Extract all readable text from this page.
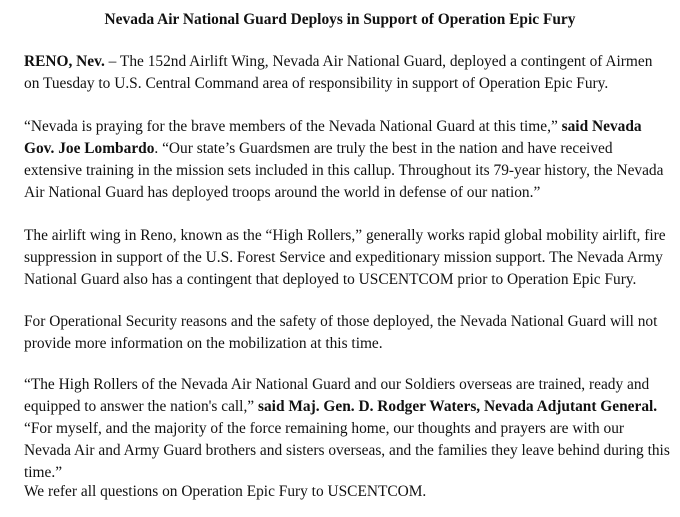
Nevada Air National Guard Deploys in Support of Operation Epic Fury

RENO, Nev. – The 152nd Airlift Wing, Nevada Air National Guard, deployed a contingent of Airmen on Tuesday to U.S. Central Command area of responsibility in support of Operation Epic Fury.

“Nevada is praying for the brave members of the Nevada National Guard at this time,” said Nevada Gov. Joe Lombardo. “Our state’s Guardsmen are truly the best in the nation and have received extensive training in the mission sets included in this callup. Throughout its 79-year history, the Nevada Air National Guard has deployed troops around the world in defense of our nation.”

The airlift wing in Reno, known as the “High Rollers,” generally works rapid global mobility airlift, fire suppression in support of the U.S. Forest Service and expeditionary mission support. The Nevada Army National Guard also has a contingent that deployed to USCENTCOM prior to Operation Epic Fury.

For Operational Security reasons and the safety of those deployed, the Nevada National Guard will not provide more information on the mobilization at this time.

“The High Rollers of the Nevada Air National Guard and our Soldiers overseas are trained, ready and equipped to answer the nation's call,” said Maj. Gen. D. Rodger Waters, Nevada Adjutant General. “For myself, and the majority of the force remaining home, our thoughts and prayers are with our Nevada Air and Army Guard brothers and sisters overseas, and the families they leave behind during this time.”

We refer all questions on Operation Epic Fury to USCENTCOM.
